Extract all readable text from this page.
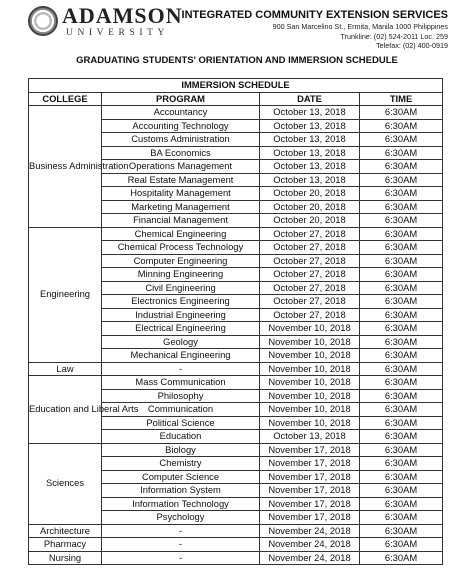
ADAMSON
UNIVERSITY
INTEGRATED COMMUNITY EXTENSION SERVICES
900 San Marcelino St., Ermita, Manila 1000 Philippines
Trunkline: (02) 524-2011 Loc. 259
Telefax: (02) 400-0919
GRADUATING STUDENTS' ORIENTATION AND IMMERSION SCHEDULE
IMMERSION SCHEDULE			
COLLEGE	PROGRAM	DATE	TIME
Business Administration	Accountancy	October 13, 2018	6:30AM
	Accounting Technology	October 13, 2018	6:30AM
	Customs Administration	October 13, 2018	6:30AM
	BA Economics	October 13, 2018	6:30AM
	Operations Management	October 13, 2018	6:30AM
	Real Estate Management	October 13, 2018	6:30AM
	Hospitality Management	October 20, 2018	6:30AM
	Marketing Management	October 20, 2018	6:30AM
	Financial Management	October 20, 2018	6:30AM
Engineering	Chemical Engineering	October 27, 2018	6:30AM
	Chemical Process Technology	October 27, 2018	6:30AM
	Computer Engineering	October 27, 2018	6:30AM
	Minning Engineering	October 27, 2018	6:30AM
	Civil Engineering	October 27, 2018	6:30AM
	Electronics Engineering	October 27, 2018	6:30AM
	Industrial Engineering	October 27, 2018	6:30AM
	Electrical Engineering	November 10, 2018	6:30AM
	Geology	November 10, 2018	6:30AM
	Mechanical Engineering	November 10, 2018	6:30AM
Law	-	November 10, 2018	6:30AM
Education and Liberal Arts	Mass Communication	November 10, 2018	6:30AM
	Philosophy	November 10, 2018	6:30AM
	Communication	November 10, 2018	6:30AM
	Political Science	November 10, 2018	6:30AM
	Education	October 13, 2018	6:30AM
Sciences	Biology	November 17, 2018	6:30AM
	Chemistry	November 17, 2018	6:30AM
	Computer Science	November 17, 2018	6:30AM
	Information System	November 17, 2018	6:30AM
	Information Technology	November 17, 2018	6:30AM
	Psychology	November 17, 2018	6:30AM
Architecture	-	November 24, 2018	6:30AM
Pharmacy	-	November 24, 2018	6:30AM
Nursing	-	November 24, 2018	6:30AM
